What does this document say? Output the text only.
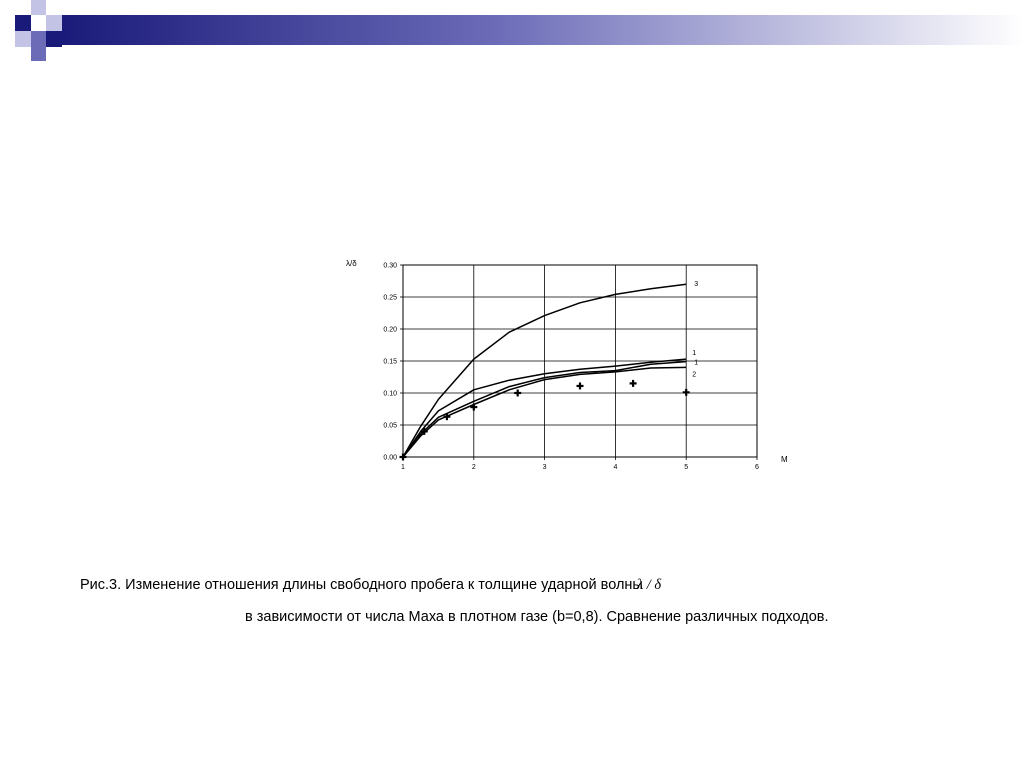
1	2	3	4	5	6
0.00
0.05
0.10
0.15
0.20
0.25
0.30
λ/δ
M
3
1
1
2
Рис.3. Изменение отношения длины свободного пробега к толщине ударной волныλ / δ
в зависимости от числа Маха в плотном газе (b=0,8). Сравнение различных подходов.
